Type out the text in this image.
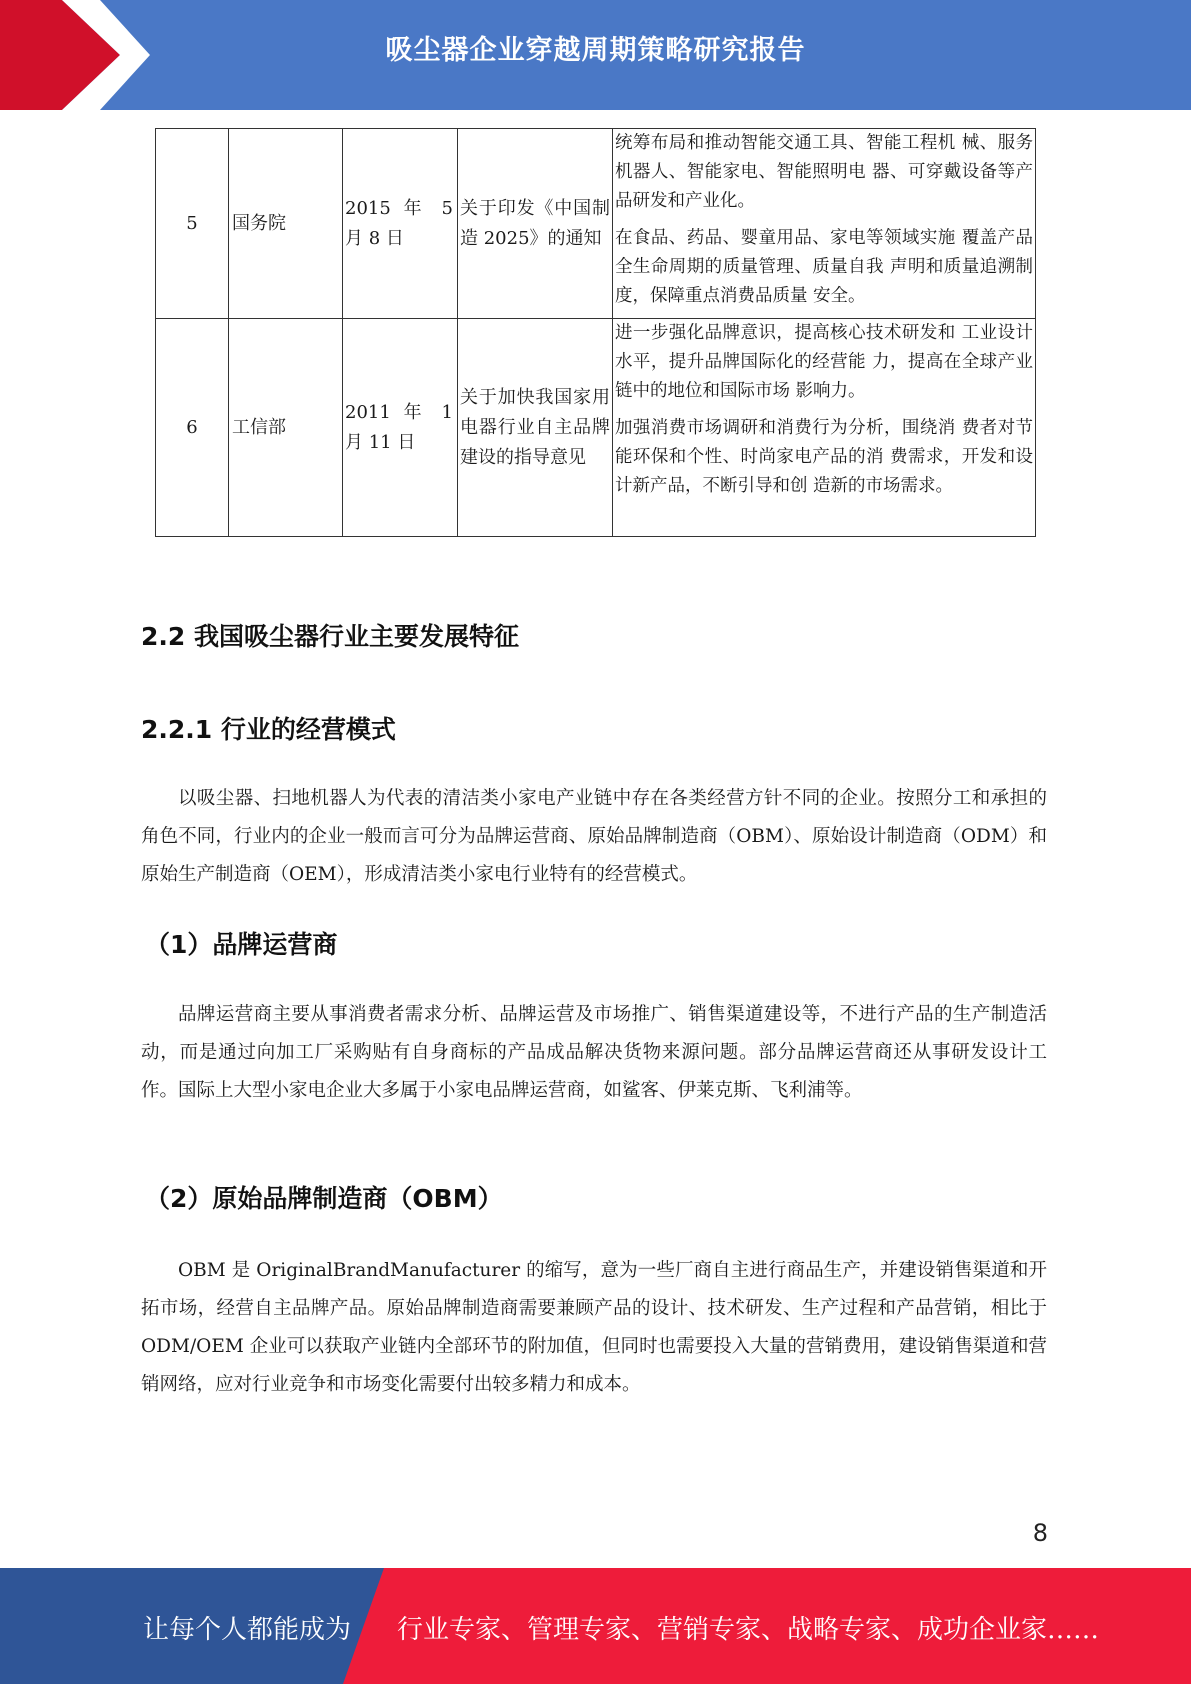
吸尘器企业穿越周期策略研究报告
5	国务院	2015 年 5 月 8 日	关于印发《中国制造 2025》的通知	统筹布局和推动智能交通工具、智能工程机 械、服务机器人、智能家电、智能照明电 器、可穿戴设备等产品研发和产业化。

在食品、药品、婴童用品、家电等领域实施 覆盖产品全生命周期的质量管理、质量自我 声明和质量追溯制度，保障重点消费品质量 安全。

6	工信部	2011 年 1 月 11 日	关于加快我国家用电器行业自主品牌建设的指导意见	进一步强化品牌意识，提高核心技术研发和 工业设计水平，提升品牌国际化的经营能 力，提高在全球产业链中的地位和国际市场 影响力。

加强消费市场调研和消费行为分析，围绕消 费者对节能环保和个性、时尚家电产品的消 费需求，开发和设计新产品，不断引导和创 造新的市场需求。

2.2 我国吸尘器行业主要发展特征
2.2.1 行业的经营模式

以吸尘器、扫地机器人为代表的清洁类小家电产业链中存在各类经营方针不同的企业。按照分工和承担的角色不同，行业内的企业一般而言可分为品牌运营商、原始品牌制造商（OBM）、原始设计制造商（ODM）和原始生产制造商（OEM），形成清洁类小家电行业特有的经营模式。

（1）品牌运营商

品牌运营商主要从事消费者需求分析、品牌运营及市场推广、销售渠道建设等，不进行产品的生产制造活动，而是通过向加工厂采购贴有自身商标的产品成品解决货物来源问题。部分品牌运营商还从事研发设计工作。国际上大型小家电企业大多属于小家电品牌运营商，如鲨客、伊莱克斯、飞利浦等。

（2）原始品牌制造商（OBM）

OBM 是 OriginalBrandManufacturer 的缩写，意为一些厂商自主进行商品生产，并建设销售渠道和开拓市场，经营自主品牌产品。原始品牌制造商需要兼顾产品的设计、技术研发、生产过程和产品营销，相比于 ODM/OEM 企业可以获取产业链内全部环节的附加值，但同时也需要投入大量的营销费用，建设销售渠道和营销网络，应对行业竞争和市场变化需要付出较多精力和成本。

8
让每个人都能成为 行业专家、管理专家、营销专家、战略专家、成功企业家……
